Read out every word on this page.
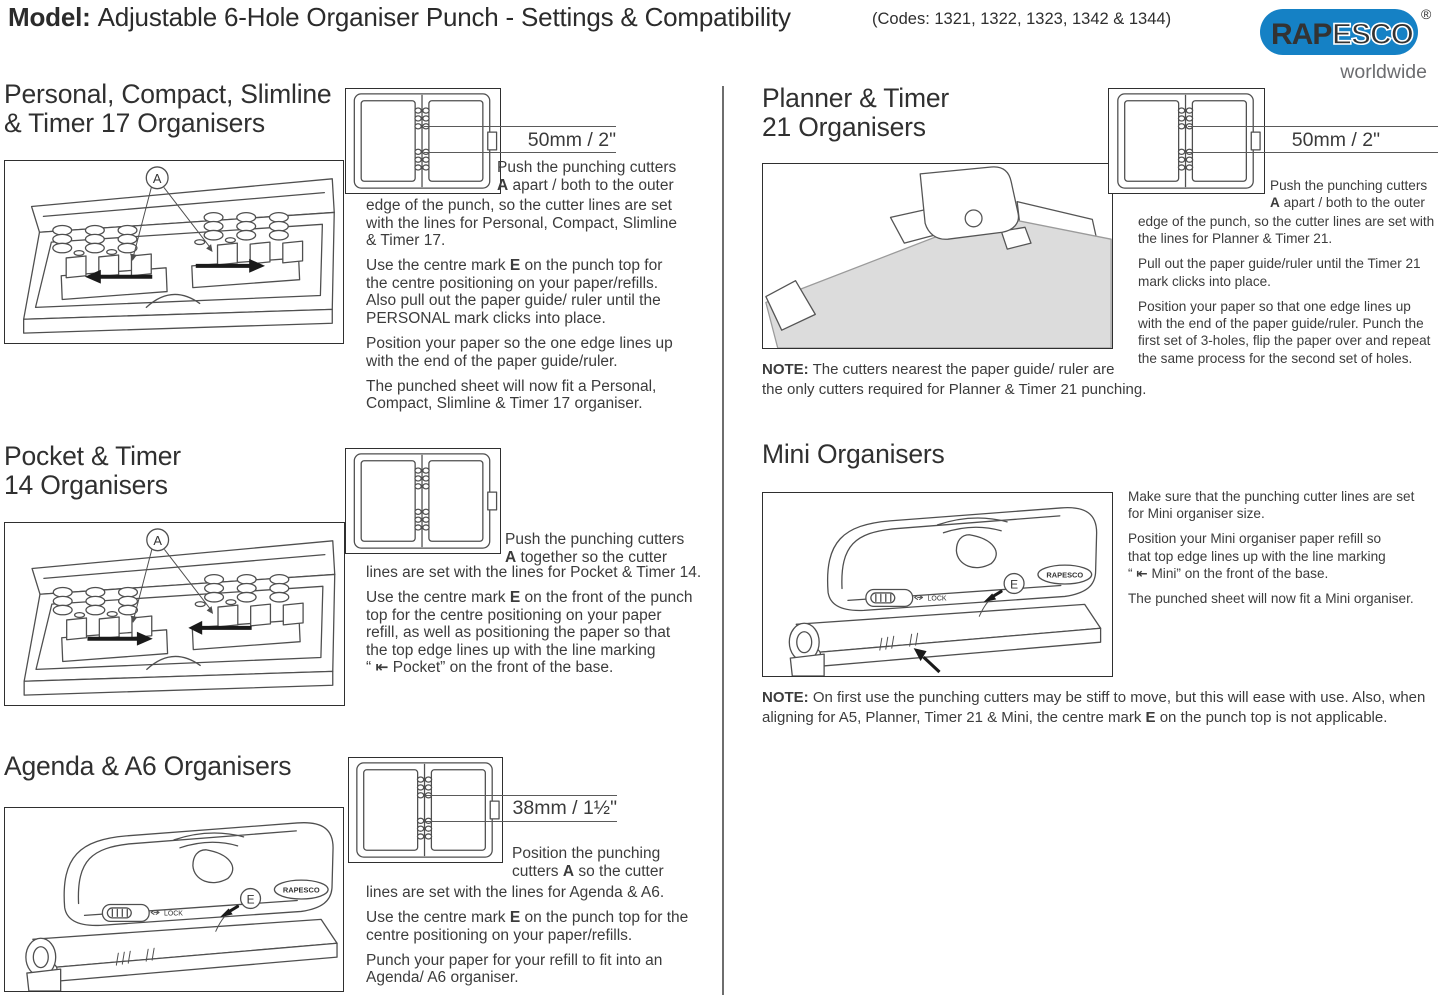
Model: Adjustable 6-Hole Organiser Punch - Settings & Compatibility	(Codes: 1321, 1322, 1323, 1342 & 1344)	RAP ESCO
®
worldwide
Personal, Compact, Slimline
& Timer 17 Organisers
50mm / 2"
Push the punching cutters
A apart / both to the outer

edge of the punch, so the cutter lines are set
with the lines for Personal, Compact, Slimline
& Timer 17.

Use the centre mark E on the punch top for
the centre positioning on your paper/refills.
Also pull out the paper guide/ ruler until the
PERSONAL mark clicks into place.

Position your paper so the one edge lines up
with the end of the paper guide/ruler.

The punched sheet will now fit a Personal,
Compact, Slimline & Timer 17 organiser.

Pocket & Timer
14 Organisers
Push the punching cutters
A together so the cutter

lines are set with the lines for Pocket & Timer 14.

Use the centre mark E on the front of the punch
top for the centre positioning on your paper
refill, as well as positioning the paper so that
the top edge lines up with the line marking
“ ⇤ Pocket” on the front of the base.

Agenda & A6 Organisers
38mm / 1½"
Position the punching
cutters A so the cutter

lines are set with the lines for Agenda & A6.

Use the centre mark E on the punch top for the
centre positioning on your paper/refills.

Punch your paper for your refill to fit into an
Agenda/ A6 organiser.

Planner & Timer
21 Organisers	50mm / 2"
Push the punching cutters
A apart / both to the outer

edge of the punch, so the cutter lines are set with
the lines for Planner & Timer 21.

Pull out the paper guide/ruler until the Timer 21
mark clicks into place.

Position your paper so that one edge lines up
with the end of the paper guide/ruler. Punch the
first set of 3-holes, flip the paper over and repeat
the same process for the second set of holes.

NOTE: The cutters nearest the paper guide/ ruler are
the only cutters required for Planner & Timer 21 punching.
Mini Organisers

Make sure that the punching cutter lines are set
for Mini organiser size.

Position your Mini organiser paper refill so
that top edge lines up with the line marking
“ ⇤ Mini” on the front of the base.

The punched sheet will now fit a Mini organiser.

NOTE: On first use the punching cutters may be stiff to move, but this will ease with use. Also, when
aligning for A5, Planner, Timer 21 & Mini, the centre mark E on the punch top is not applicable.
